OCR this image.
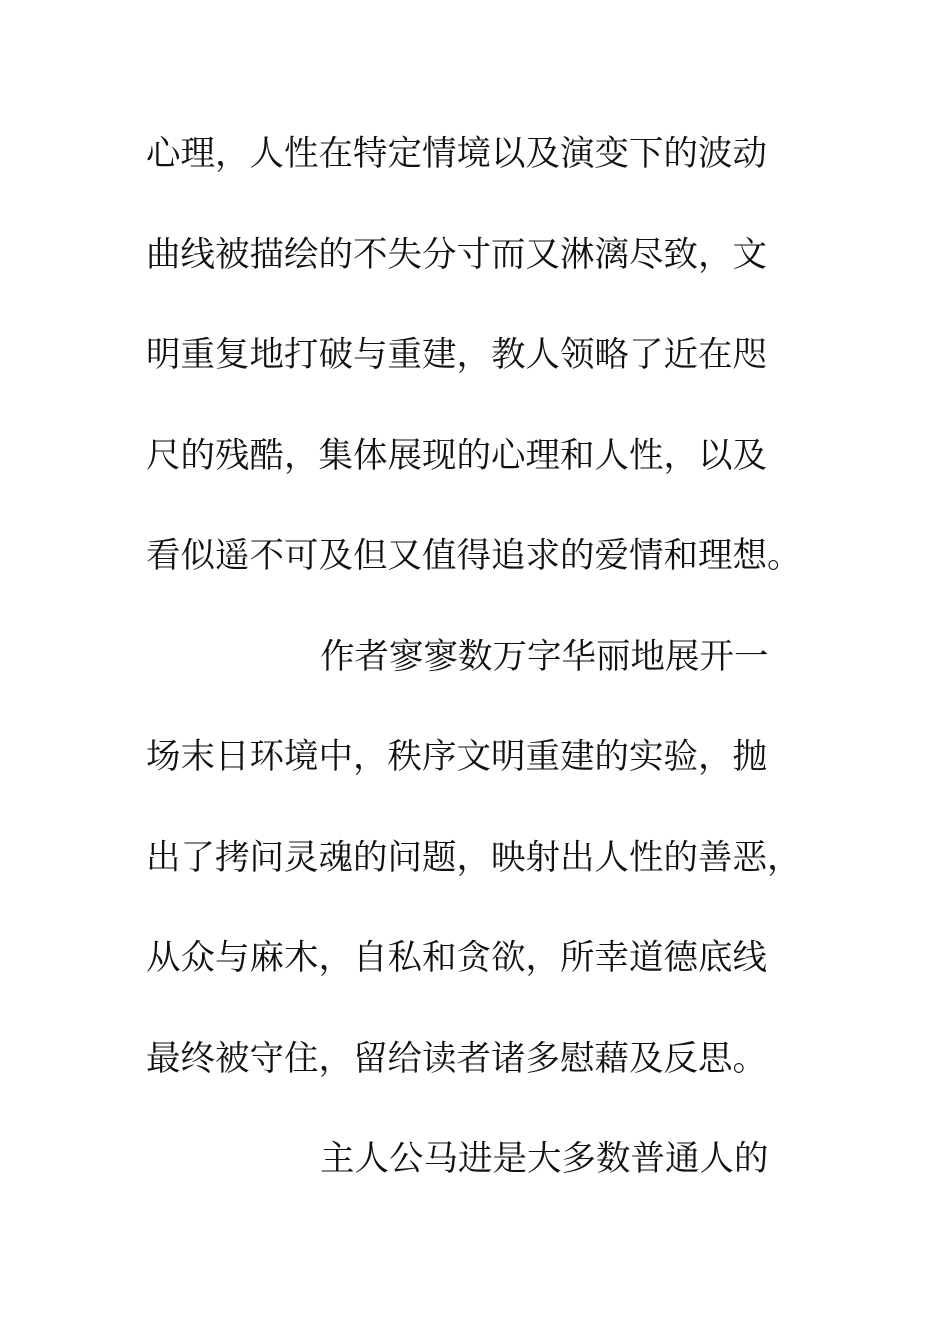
心理，人性在特定情境以及演变下的波动
曲线被描绘的不失分寸而又淋漓尽致，文
明重复地打破与重建，教人领略了近在咫
尺的残酷，集体展现的心理和人性，以及
看似遥不可及但又值得追求的爱情和理想。
作者寥寥数万字华丽地展开一
场末日环境中，秩序文明重建的实验，抛
出了拷问灵魂的问题，映射出人性的善恶，
从众与麻木，自私和贪欲，所幸道德底线
最终被守住，留给读者诸多慰藉及反思。
主人公马进是大多数普通人的
